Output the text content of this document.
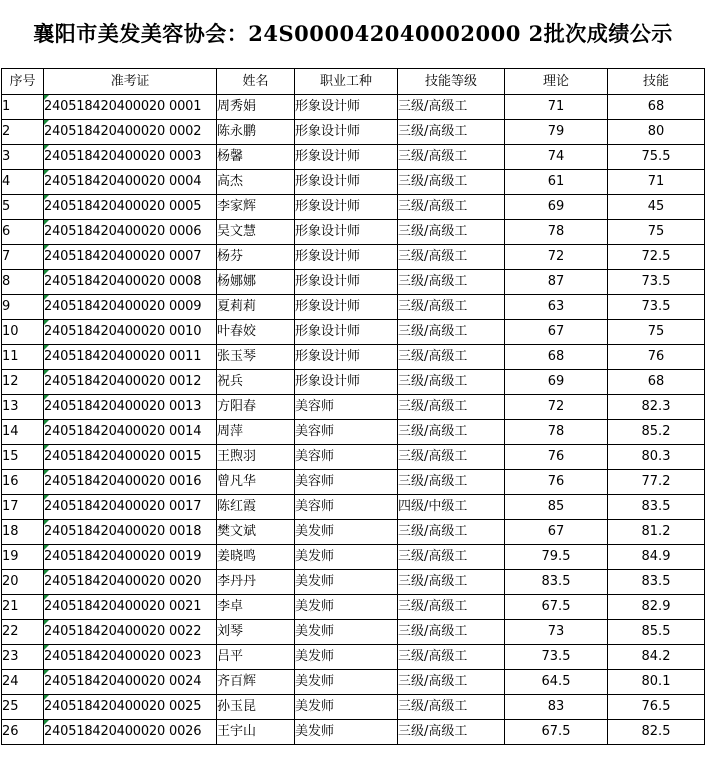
襄阳市美发美容协会：24S000042040002000 2批次成绩公示
序号	准考证	姓名	职业工种	技能等级	理论	技能
1	240518420400020 0001	周秀娟	形象设计师	三级/高级工	71	68
2	240518420400020 0002	陈永鹏	形象设计师	三级/高级工	79	80
3	240518420400020 0003	杨馨	形象设计师	三级/高级工	74	75.5
4	240518420400020 0004	高杰	形象设计师	三级/高级工	61	71
5	240518420400020 0005	李家辉	形象设计师	三级/高级工	69	45
6	240518420400020 0006	吴文慧	形象设计师	三级/高级工	78	75
7	240518420400020 0007	杨芬	形象设计师	三级/高级工	72	72.5
8	240518420400020 0008	杨娜娜	形象设计师	三级/高级工	87	73.5
9	240518420400020 0009	夏莉莉	形象设计师	三级/高级工	63	73.5
10	240518420400020 0010	叶春姣	形象设计师	三级/高级工	67	75
11	240518420400020 0011	张玉琴	形象设计师	三级/高级工	68	76
12	240518420400020 0012	祝兵	形象设计师	三级/高级工	69	68
13	240518420400020 0013	方阳春	美容师	三级/高级工	72	82.3
14	240518420400020 0014	周萍	美容师	三级/高级工	78	85.2
15	240518420400020 0015	王煦羽	美容师	三级/高级工	76	80.3
16	240518420400020 0016	曾凡华	美容师	三级/高级工	76	77.2
17	240518420400020 0017	陈红霞	美容师	四级/中级工	85	83.5
18	240518420400020 0018	樊文斌	美发师	三级/高级工	67	81.2
19	240518420400020 0019	姜晓鸣	美发师	三级/高级工	79.5	84.9
20	240518420400020 0020	李丹丹	美发师	三级/高级工	83.5	83.5
21	240518420400020 0021	李卓	美发师	三级/高级工	67.5	82.9
22	240518420400020 0022	刘琴	美发师	三级/高级工	73	85.5
23	240518420400020 0023	吕平	美发师	三级/高级工	73.5	84.2
24	240518420400020 0024	齐百辉	美发师	三级/高级工	64.5	80.1
25	240518420400020 0025	孙玉昆	美发师	三级/高级工	83	76.5
26	240518420400020 0026	王宇山	美发师	三级/高级工	67.5	82.5
